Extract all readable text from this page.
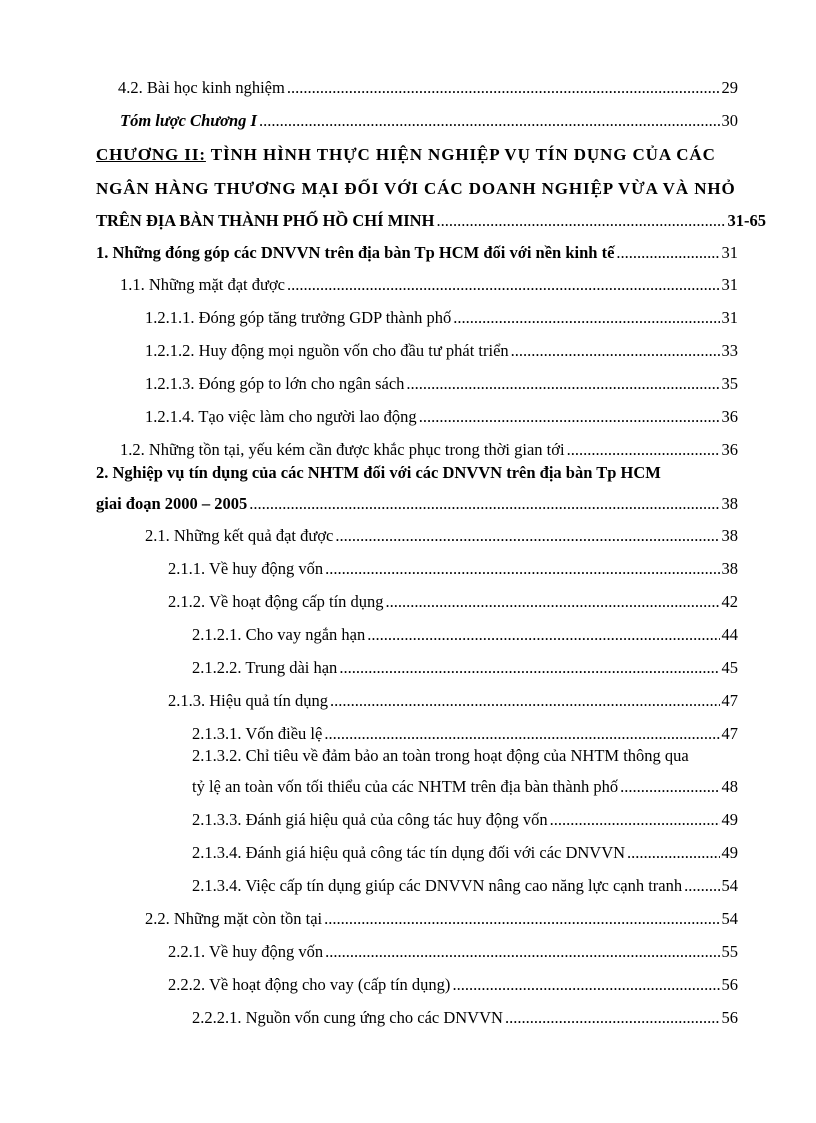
4.2. Bài học kinh nghiệm .....	29
Tóm lược Chương I .....	30
CHƯƠNG II: TÌNH HÌNH THỰC HIỆN NGHIỆP VỤ TÍN DỤNG CỦA CÁC
NGÂN HÀNG THƯƠNG MẠI ĐỐI VỚI CÁC DOANH NGHIỆP VỪA VÀ NHỎ
TRÊN ĐỊA BÀN THÀNH PHỐ HỒ CHÍ MINH .....	31-65
1. Những đóng góp các DNVVN trên địa bàn Tp HCM đối với nền kinh tế .....	31
1.1. Những mặt đạt được .....	31
1.2.1.1. Đóng góp tăng trưởng GDP thành phố .....	31
1.2.1.2. Huy động mọi nguồn vốn cho đầu tư phát triển .....	33
1.2.1.3. Đóng góp to lớn cho ngân sách .....	35
1.2.1.4. Tạo việc làm cho người lao động .....	36
1.2. Những tồn tại, yếu kém cần được khắc phục trong thời gian tới .....	36
2. Nghiệp vụ tín dụng của các NHTM đối với các DNVVN trên địa bàn Tp HCM
giai đoạn 2000 – 2005 .....	38
2.1. Những kết quả đạt được .....	38
2.1.1. Về huy động vốn .....	38
2.1.2. Về hoạt động cấp tín dụng .....	42
2.1.2.1. Cho vay ngắn hạn .....	44
2.1.2.2. Trung dài hạn .....	45
2.1.3. Hiệu quả tín dụng .....	47
2.1.3.1. Vốn điều lệ .....	47
2.1.3.2. Chỉ tiêu về đảm bảo an toàn trong hoạt động của NHTM thông qua
tỷ lệ an toàn vốn tối thiểu của các NHTM trên địa bàn thành phố .....	48
2.1.3.3. Đánh giá hiệu quả của công tác huy động vốn .....	49
2.1.3.4. Đánh giá hiệu quả công tác tín dụng đối với các DNVVN .....	49
2.1.3.4. Việc cấp tín dụng giúp các DNVVN nâng cao năng lực cạnh tranh ..... 54
2.2. Những mặt còn tồn tại .....	54
2.2.1. Về huy động vốn .....	55
2.2.2. Về hoạt động cho vay (cấp tín dụng) .....	56
2.2.2.1. Nguồn vốn cung ứng cho các DNVVN .....	56
